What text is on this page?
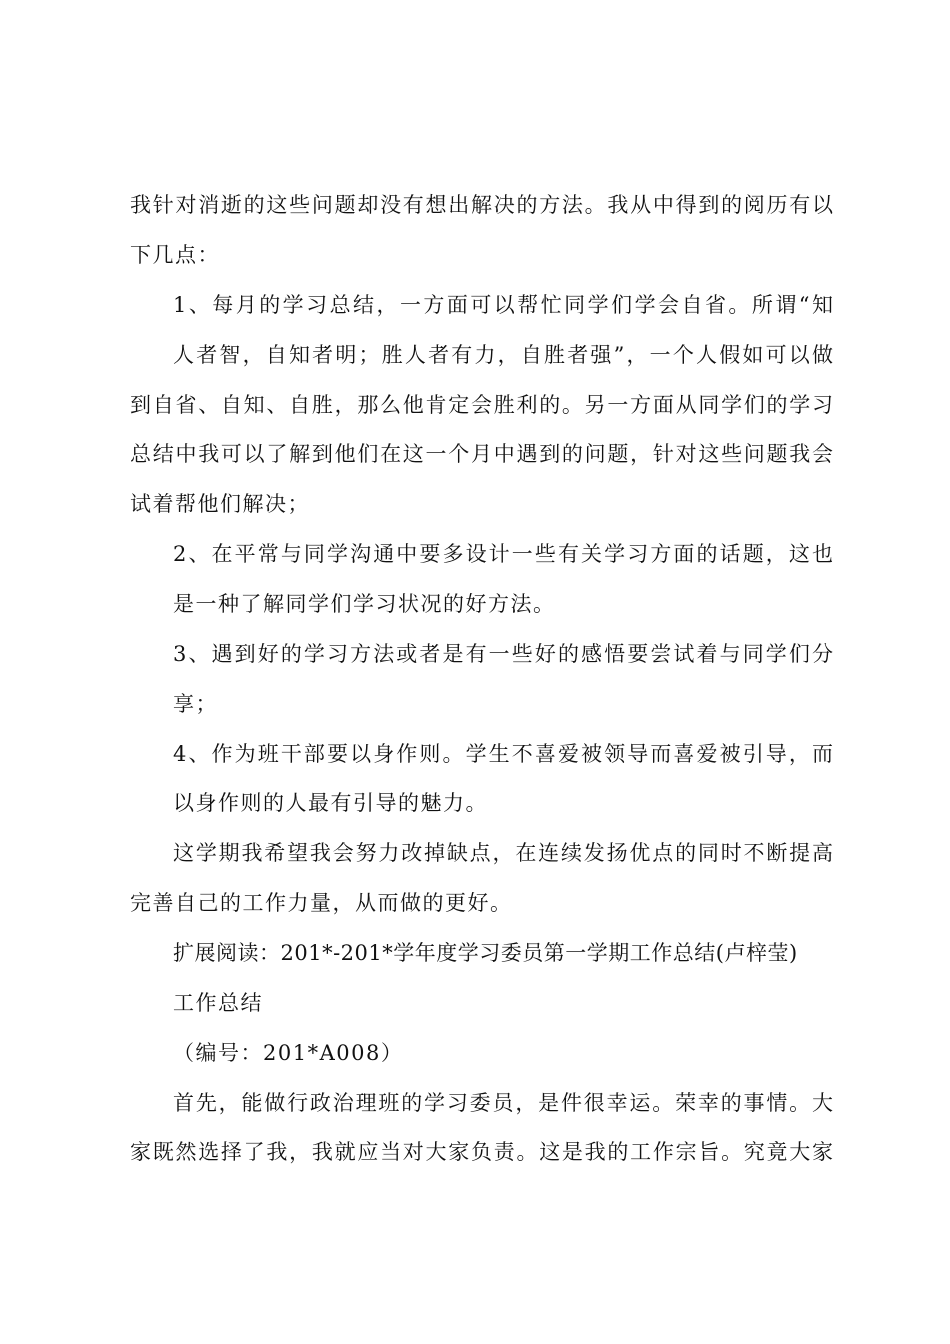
我针对消逝的这些问题却没有想出解决的方法。我从中得到的阅历有以
下几点：
1、每月的学习总结，一方面可以帮忙同学们学会自省。所谓“知
人者智，自知者明；胜人者有力，自胜者强”，一个人假如可以做
到自省、自知、自胜，那么他肯定会胜利的。另一方面从同学们的学习
总结中我可以了解到他们在这一个月中遇到的问题，针对这些问题我会
试着帮他们解决；
2、在平常与同学沟通中要多设计一些有关学习方面的话题，这也
是一种了解同学们学习状况的好方法。
3、遇到好的学习方法或者是有一些好的感悟要尝试着与同学们分
享；
4、作为班干部要以身作则。学生不喜爱被领导而喜爱被引导，而
以身作则的人最有引导的魅力。
这学期我希望我会努力改掉缺点，在连续发扬优点的同时不断提高
完善自己的工作力量，从而做的更好。
扩展阅读：201*-201*学年度学习委员第一学期工作总结(卢梓莹)
工作总结
（编号：201*A008）
首先，能做行政治理班的学习委员，是件很幸运。荣幸的事情。大
家既然选择了我，我就应当对大家负责。这是我的工作宗旨。究竟大家
